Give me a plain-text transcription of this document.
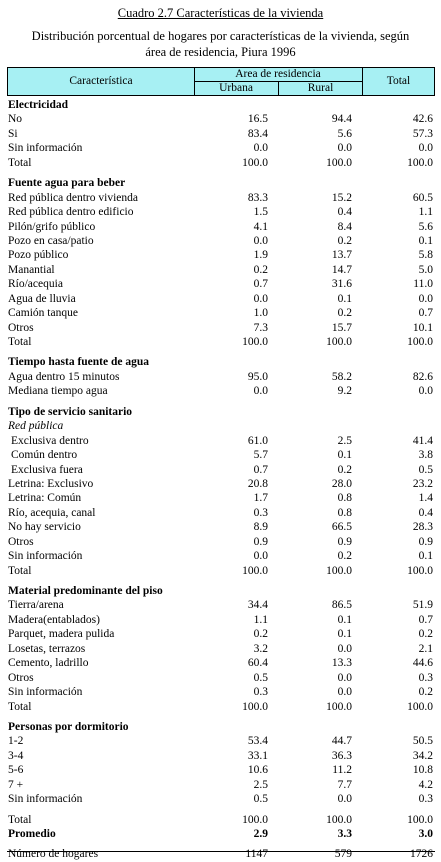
Cuadro 2.7 Características de la vivienda
Distribución porcentual de hogares por características de la vivienda, según
área de residencia, Piura 1996
Característica
Area de residencia
Urbana	Rural
Total
Electricidad
No	16.5	94.4	42.6
Si	83.4	5.6	57.3
Sin información	0.0	0.0	0.0
Total	100.0	100.0	100.0
Fuente agua para beber
Red pública dentro vivienda	83.3	15.2	60.5
Red pública dentro edificio	1.5	0.4	1.1
Pilón/grifo público	4.1	8.4	5.6
Pozo en casa/patio	0.0	0.2	0.1
Pozo público	1.9	13.7	5.8
Manantial	0.2	14.7	5.0
Río/acequia	0.7	31.6	11.0
Agua de lluvia	0.0	0.1	0.0
Camión tanque	1.0	0.2	0.7
Otros	7.3	15.7	10.1
Total	100.0	100.0	100.0
Tiempo hasta fuente de agua
Agua dentro 15 minutos	95.0	58.2	82.6
Mediana tiempo agua	0.0	9.2	0.0
Tipo de servicio sanitario
Red pública
Exclusiva dentro	61.0	2.5	41.4
Común dentro	5.7	0.1	3.8
Exclusiva fuera	0.7	0.2	0.5
Letrina: Exclusivo	20.8	28.0	23.2
Letrina: Común	1.7	0.8	1.4
Río, acequia, canal	0.3	0.8	0.4
No hay servicio	8.9	66.5	28.3
Otros	0.9	0.9	0.9
Sin información	0.0	0.2	0.1
Total	100.0	100.0	100.0
Material predominante del piso
Tierra/arena	34.4	86.5	51.9
Madera(entablados)	1.1	0.1	0.7
Parquet, madera pulida	0.2	0.1	0.2
Losetas, terrazos	3.2	0.0	2.1
Cemento, ladrillo	60.4	13.3	44.6
Otros	0.5	0.0	0.3
Sin información	0.3	0.0	0.2
Total	100.0	100.0	100.0
Personas por dormitorio
1-2	53.4	44.7	50.5
3-4	33.1	36.3	34.2
5-6	10.6	11.2	10.8
7 +	2.5	7.7	4.2
Sin información	0.5	0.0	0.3
Total	100.0	100.0	100.0
Promedio	2.9	3.3	3.0
Número de hogares	1147	579	1726
